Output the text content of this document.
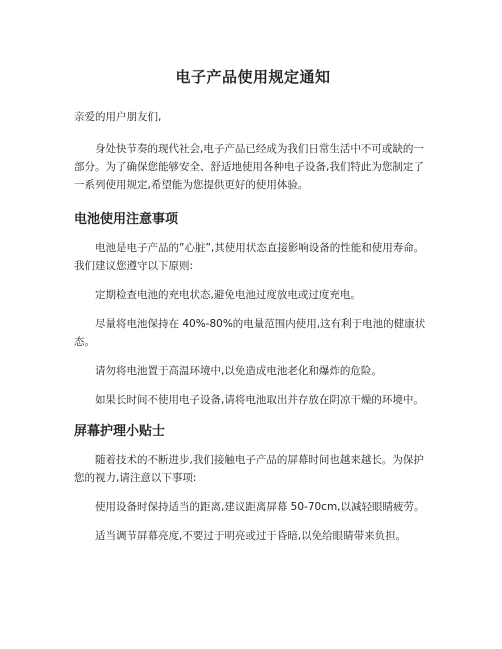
电子产品使用规定通知

亲爱的用户朋友们,

身处快节奏的现代社会,电子产品已经成为我们日常生活中不可或缺的一部分。为了确保您能够安全、舒适地使用各种电子设备,我们特此为您制定了一系列使用规定,希望能为您提供更好的使用体验。

电池使用注意事项

电池是电子产品的”心脏”,其使用状态直接影响设备的性能和使用寿命。我们建议您遵守以下原则:

定期检查电池的充电状态,避免电池过度放电或过度充电。

尽量将电池保持在 40%-80%的电量范围内使用,这有利于电池的健康状态。

请勿将电池置于高温环境中,以免造成电池老化和爆炸的危险。

如果长时间不使用电子设备,请将电池取出并存放在阴凉干燥的环境中。

屏幕护理小贴士

随着技术的不断进步,我们接触电子产品的屏幕时间也越来越长。为保护您的视力,请注意以下事项:

使用设备时保持适当的距离,建议距离屏幕 50-70cm,以减轻眼睛疲劳。

适当调节屏幕亮度,不要过于明亮或过于昏暗,以免给眼睛带来负担。
